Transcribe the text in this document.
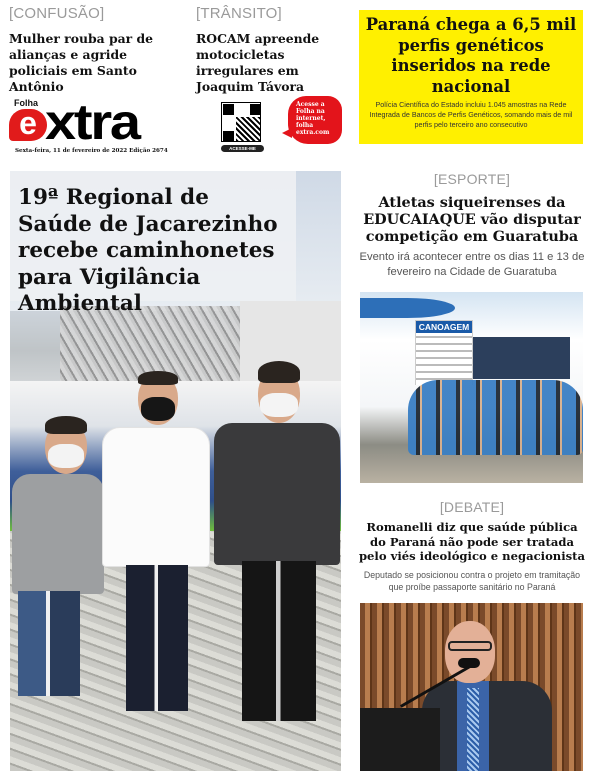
[CONFUSÃO]
Mulher rouba par de alianças e agride policiais em Santo Antônio
[TRÂNSITO]
ROCAM apreende motocicletas irregulares em Joaquim Távora
Paraná chega a 6,5 mil perfis genéticos inseridos na rede nacional
Polícia Científica do Estado incluiu 1.045 amostras na Rede Integrada de Bancos de Perfis Genéticos, somando mais de mil perfis pelo terceiro ano consecutivo
Folha
e xtra
Sexta-feira, 11 de fevereiro de 2022 Edição 2674	ACESSE-ME
Acesse a Folha na internet, folha extra.com
19ª Regional de Saúde de Jacarezinho recebe caminhonetes para Vigilância Ambiental
[ESPORTE]
Atletas siqueirenses da EDUCAIAQUE vão disputar competição em Guaratuba
Evento irá acontecer entre os dias 11 e 13 de fevereiro na Cidade de Guaratuba
CANOAGEM
[DEBATE]
Romanelli diz que saúde pública do Paraná não pode ser tratada pelo viés ideológico e negacionista
Deputado se posicionou contra o projeto em tramitação que proíbe passaporte sanitário no Paraná
